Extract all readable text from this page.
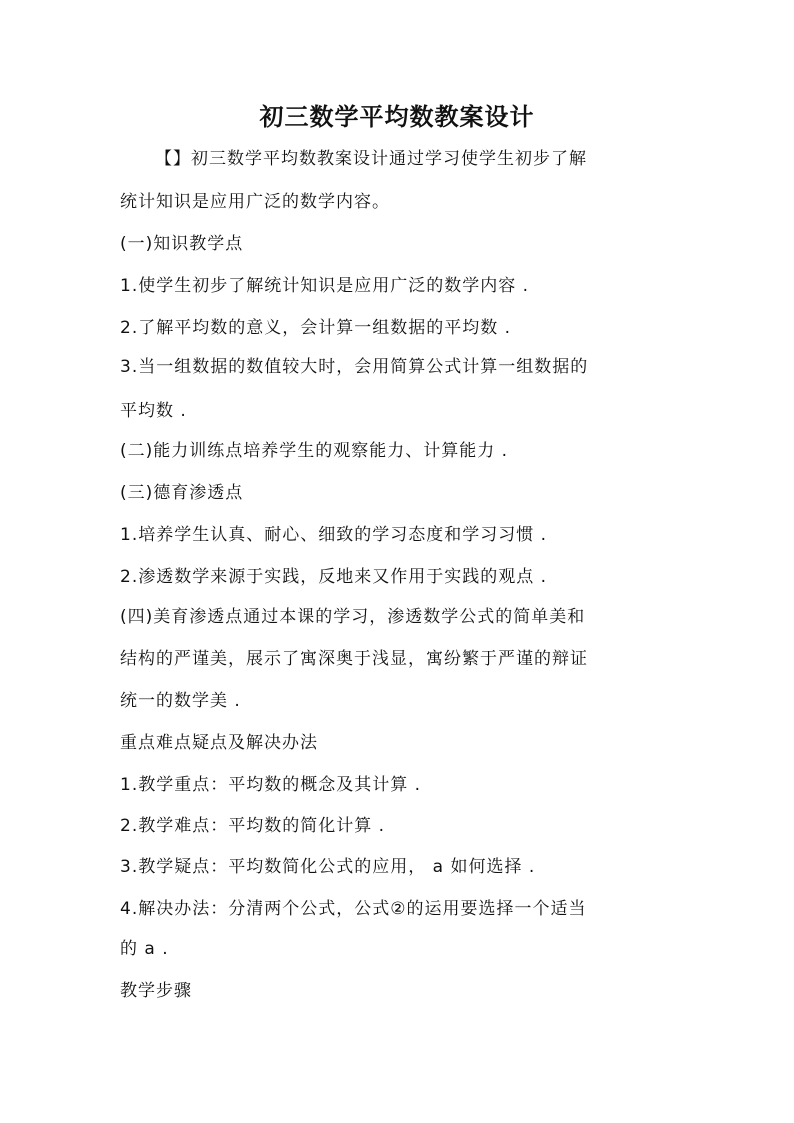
初三数学平均数教案设计

【】初三数学平均数教案设计通过学习使学生初步了解

统计知识是应用广泛的数学内容。

(一)知识教学点

1.使学生初步了解统计知识是应用广泛的数学内容 .

2.了解平均数的意义，会计算一组数据的平均数 .

3.当一组数据的数值较大时，会用简算公式计算一组数据的

平均数 .

(二)能力训练点培养学生的观察能力、计算能力 .

(三)德育渗透点

1.培养学生认真、耐心、细致的学习态度和学习习惯 .

2.渗透数学来源于实践，反地来又作用于实践的观点 .

(四)美育渗透点通过本课的学习，渗透数学公式的简单美和

结构的严谨美，展示了寓深奥于浅显，寓纷繁于严谨的辩证

统一的数学美 .

重点难点疑点及解决办法

1.教学重点：平均数的概念及其计算 .

2.教学难点：平均数的简化计算 .

3.教学疑点：平均数简化公式的应用， a 如何选择 .

4.解决办法：分清两个公式，公式②的运用要选择一个适当

的 a .

教学步骤
